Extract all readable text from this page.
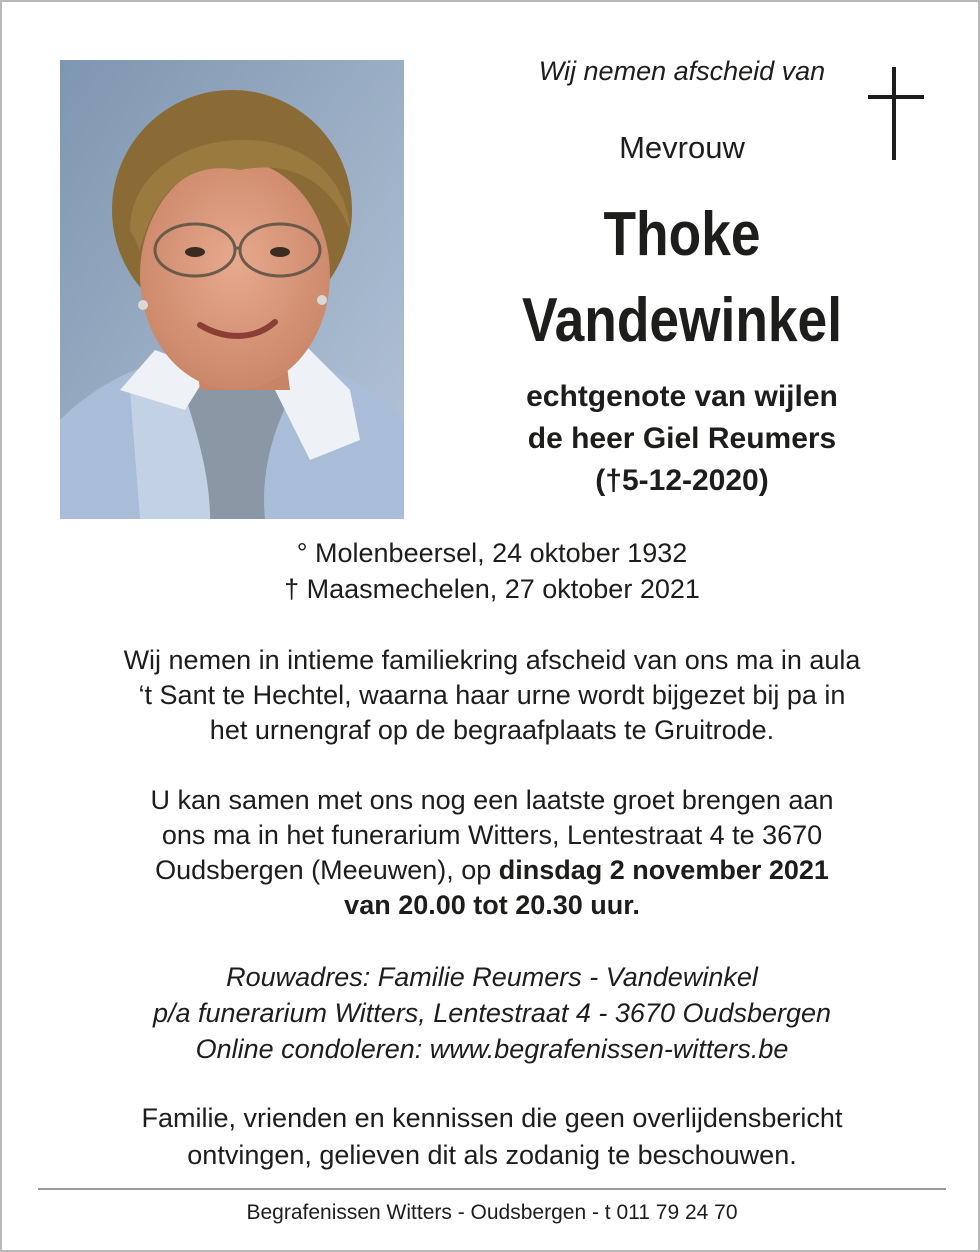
Wij nemen afscheid van
Mevrouw
Thoke
Vandewinkel
echtgenote van wijlen
de heer Giel Reumers
(†5-12-2020)
° Molenbeersel, 24 oktober 1932
† Maasmechelen, 27 oktober 2021
Wij nemen in intieme familiekring afscheid van ons ma in aula
‘t Sant te Hechtel, waarna haar urne wordt bijgezet bij pa in
het urnengraf op de begraafplaats te Gruitrode.
U kan samen met ons nog een laatste groet brengen aan
ons ma in het funerarium Witters, Lentestraat 4 te 3670
Oudsbergen (Meeuwen), op dinsdag 2 november 2021
van 20.00 tot 20.30 uur.
Rouwadres: Familie Reumers - Vandewinkel
p/a funerarium Witters, Lentestraat 4 - 3670 Oudsbergen
Online condoleren: www.begrafenissen-witters.be
Familie, vrienden en kennissen die geen overlijdensbericht
ontvingen, gelieven dit als zodanig te beschouwen.
Begrafenissen Witters - Oudsbergen - t 011 79 24 70
